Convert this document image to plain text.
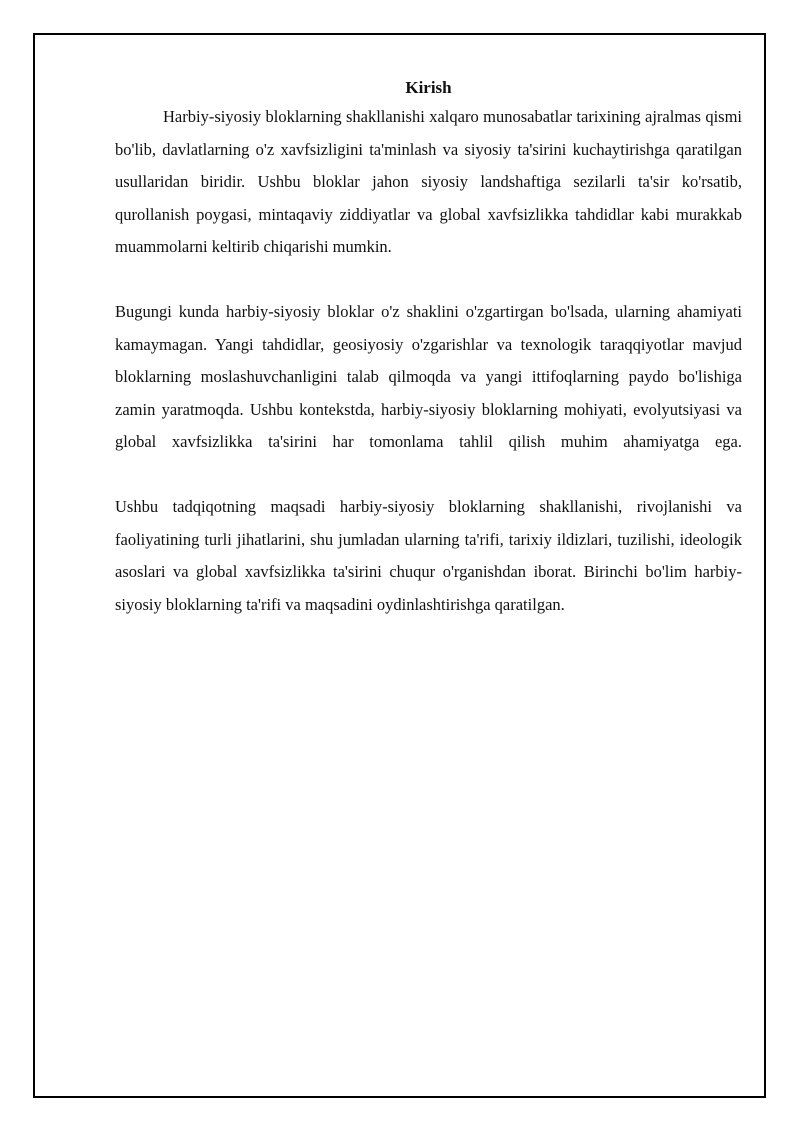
Kirish

Harbiy-siyosiy bloklarning shakllanishi xalqaro munosabatlar tarixining ajralmas qismi bo'lib, davlatlarning o'z xavfsizligini ta'minlash va siyosiy ta'sirini kuchaytirishga qaratilgan usullaridan biridir. Ushbu bloklar jahon siyosiy landshaftiga sezilarli ta'sir ko'rsatib, qurollanish poygasi, mintaqaviy ziddiyatlar va global xavfsizlikka tahdidlar kabi murakkab muammolarni keltirib chiqarishi mumkin.

Bugungi kunda harbiy-siyosiy bloklar o'z shaklini o'zgartirgan bo'lsada, ularning ahamiyati kamaymagan. Yangi tahdidlar, geosiyosiy o'zgarishlar va texnologik taraqqiyotlar mavjud bloklarning moslashuvchanligini talab qilmoqda va yangi ittifoqlarning paydo bo'lishiga zamin yaratmoqda. Ushbu kontekstda, harbiy-siyosiy bloklarning mohiyati, evolyutsiyasi va global xavfsizlikka ta'sirini har tomonlama tahlil qilish muhim ahamiyatga ega.

Ushbu tadqiqotning maqsadi harbiy-siyosiy bloklarning shakllanishi, rivojlanishi va faoliyatining turli jihatlarini, shu jumladan ularning ta'rifi, tarixiy ildizlari, tuzilishi, ideologik asoslari va global xavfsizlikka ta'sirini chuqur o'rganishdan iborat. Birinchi bo'lim harbiy-siyosiy bloklarning ta'rifi va maqsadini oydinlashtirishga qaratilgan.
